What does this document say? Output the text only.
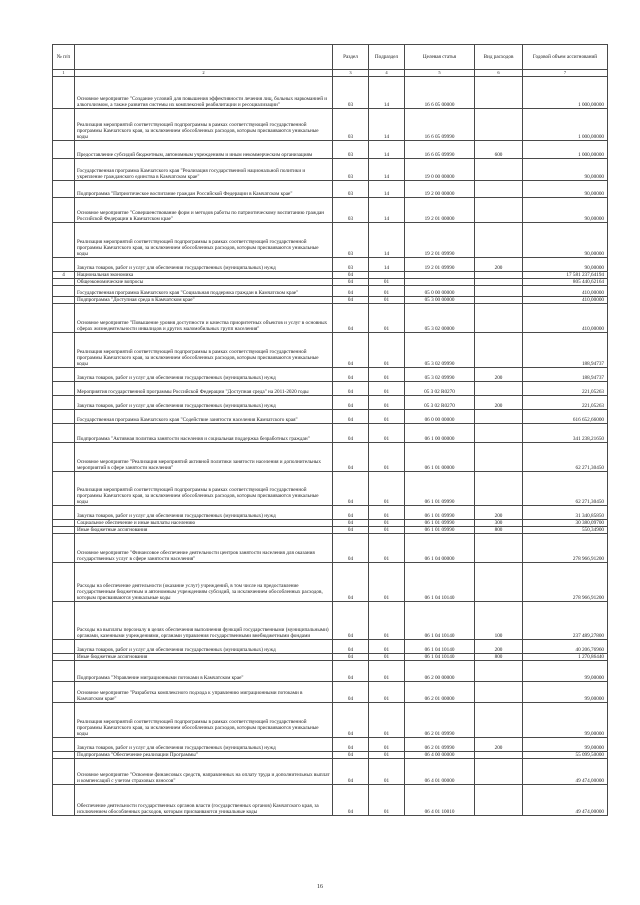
№ п/п		Раздел	Подраздел	Целевая статья	Вид расходов	Годовой объем ассигнований
1	2	3	4	5	6	7
	Основное мероприятие "Создание условий для повышения эффективности лечения лиц, больных наркоманией и алкоголизмом, а также развития системы их комплексной реабилитации и ресоциализации"	03	14	16 6 05 00000		1 000,00000
	Реализация мероприятий соответствующей подпрограммы в рамках соответствующей государственной программы Камчатского края, за исключением обособленных расходов, которым присваиваются уникальные коды	03	14	16 6 05 09990		1 000,00000
	Предоставление субсидий бюджетным, автономным учреждениям и иным некоммерческим организациям	03	14	16 6 05 09990	600	1 000,00000
	Государственная программа Камчатского края "Реализация государственной национальной политики и укрепление гражданского единства в Камчатском крае"	03	14	19 0 00 00000		90,00000
	Подпрограмма "Патриотическое воспитание граждан Российской Федерации в Камчатском крае"	03	14	19 2 00 00000		90,00000
	Основное мероприятие "Совершенствование форм и методов работы по патриотическому воспитанию граждан Российской Федерации в Камчатском крае"	03	14	19 2 01 00000		90,00000
	Реализация мероприятий соответствующей подпрограммы в рамках соответствующей государственной программы Камчатского края, за исключением обособленных расходов, которым присваиваются уникальные коды	03	14	19 2 01 09990		90,00000
	Закупка товаров, работ и услуг для обеспечения государственных (муниципальных) нужд	03	14	19 2 01 09990	200	90,00000
4	Национальная экономика	04				17 581 237,64194
	Общеэкономические вопросы	04	01			805 440,62164
	Государственная программа Камчатского края "Социальная поддержка граждан в Камчатском крае"	04	01	05 0 00 00000		410,00000
	Подпрограмма "Доступная среда в Камчатском крае"	04	01	05 3 00 00000		410,00000
	Основное мероприятие "Повышение уровня доступности и качества приоритетных объектов и услуг в основных сферах жизнедеятельности инвалидов и других маломобильных групп населения"	04	01	05 3 02 00000		410,00000
	Реализация мероприятий соответствующей подпрограммы в рамках соответствующей государственной программы Камчатского края, за исключением обособленных расходов, которым присваиваются уникальные коды	04	01	05 3 02 09990		188,94737
	Закупка товаров, работ и услуг для обеспечения государственных (муниципальных) нужд	04	01	05 3 02 09990	200	188,94737
	Мероприятия государственной программы Российской Федерации "Доступная среда" на 2011-2020 годы	04	01	05 3 02 R0270		221,05263
	Закупка товаров, работ и услуг для обеспечения государственных (муниципальных) нужд	04	01	05 3 02 R0270	200	221,05263
	Государственная программа Камчатского края "Содействие занятости населения Камчатского края"	04	01	06 0 00 00000		616 652,66000
	Подпрограмма "Активная политика занятости населения и социальная поддержка безработных граждан"	04	01	06 1 00 00000		341 238,21650
	Основное мероприятие "Реализация мероприятий активной политики занятости населения и дополнительных мероприятий в сфере занятости населения"	04	01	06 1 01 00000		62 271,30450
	Реализация мероприятий соответствующей подпрограммы в рамках соответствующей государственной программы Камчатского края, за исключением обособленных расходов, которым присваиваются уникальные коды	04	01	06 1 01 09990		62 271,30450
	Закупка товаров, работ и услуг для обеспечения государственных (муниципальных) нужд	04	01	06 1 01 09990	200	31 340,85850
	Социальное обеспечение и иные выплаты населению	04	01	06 1 01 09990	300	30 380,09700
	Иные бюджетные ассигнования	04	01	06 1 01 09990	800	550,34900
	Основное мероприятие "Финансовое обеспечение деятельности центров занятости населения для оказания государственных услуг в сфере занятости населения"	04	01	06 1 04 00000		278 966,91200
	Расходы на обеспечение деятельности (оказание услуг) учреждений, в том числе на предоставление государственным бюджетным и автономным учреждениям субсидий, за исключением обособленных расходов, которым присваиваются уникальные коды	04	01	06 1 04 10140		278 966,91200
	Расходы на выплаты персоналу в целях обеспечения выполнения функций государственными (муниципальными) органами, казенными учреждениями, органами управления государственными внебюджетными фондами	04	01	06 1 04 10140	100	237 489,27800
	Закупка товаров, работ и услуг для обеспечения государственных (муниципальных) нужд	04	01	06 1 04 10140	200	40 206,76960
	Иные бюджетные ассигнования	04	01	06 1 04 10140	800	1 270,86440
	Подпрограмма "Управление миграционными потоками в Камчатском крае"	04	01	06 2 00 00000		99,00000
	Основное мероприятие "Разработка комплексного подхода к управлению миграционными потоками в Камчатском крае"	04	01	06 2 01 00000		99,00000
	Реализация мероприятий соответствующей подпрограммы в рамках соответствующей государственной программы Камчатского края, за исключением обособленных расходов, которым присваиваются уникальные коды	04	01	06 2 01 09990		99,00000
	Закупка товаров, работ и услуг для обеспечения государственных (муниципальных) нужд	04	01	06 2 01 09990	200	99,00000
	Подпрограмма "Обеспечение реализации Программы"	04	01	06 4 00 00000		55 099,50000
	Основное мероприятие "Освоение финансовых средств, направленных на оплату труда и дополнительных выплат и компенсаций с учетом страховых взносов"	04	01	06 4 01 00000		49 474,00000
	Обеспечение деятельности государственных органов власти (государственных органов) Камчатского края, за исключением обособленных расходов, которым присваиваются уникальные коды	04	01	06 4 01 10010		49 474,00000
16
